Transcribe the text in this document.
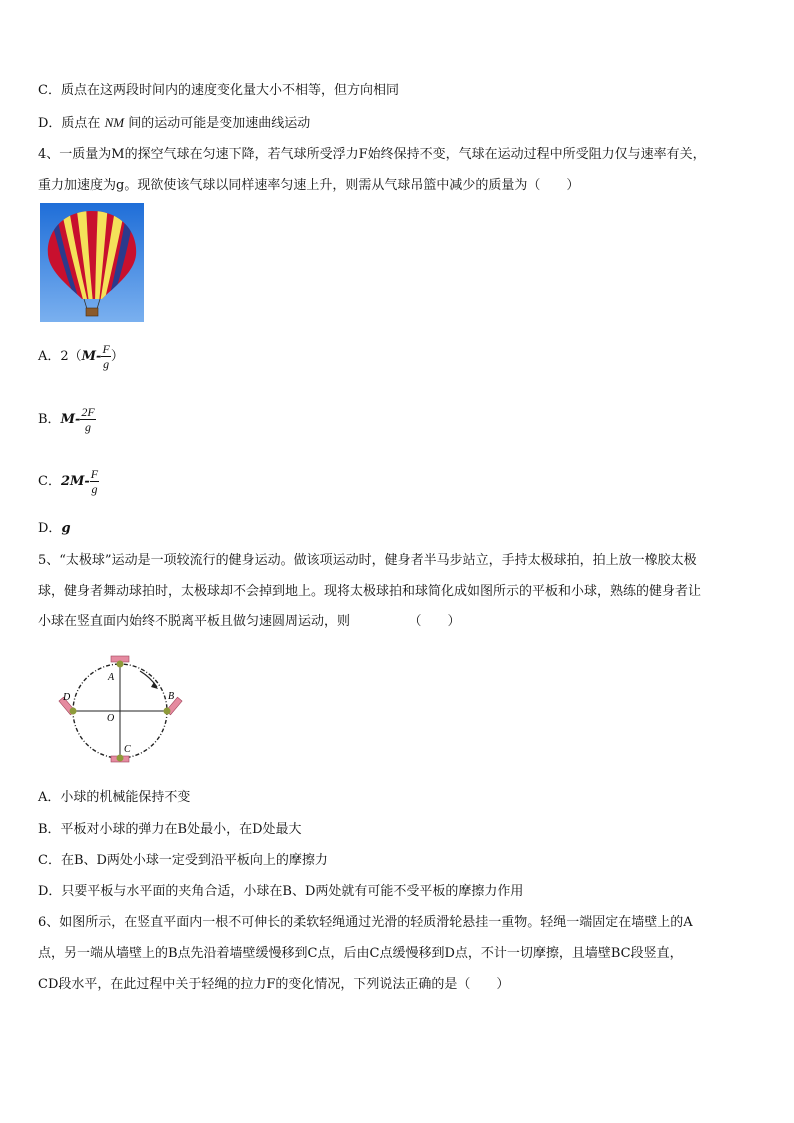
C．质点在这两段时间内的速度变化量大小不相等，但方向相同
D．质点在 NM 间的运动可能是变加速曲线运动
4、一质量为M的探空气球在匀速下降，若气球所受浮力F始终保持不变，气球在运动过程中所受阻力仅与速率有关，
重力加速度为g。现欲使该气球以同样速率匀速上升，则需从气球吊篮中减少的质量为（　　）
A．$2(M- \frac{F}{g}$ ）
B．$M- \frac{2F}{g}$
C．$2M- \frac{F}{g}$
D．g
5、“太极球”运动是一项较流行的健身运动。做该项运动时，健身者半马步站立，手持太极球拍，拍上放一橡胶太极
球，健身者舞动球拍时，太极球却不会掉到地上。现将太极球拍和球简化成如图所示的平板和小球，熟练的健身者让
小球在竖直面内始终不脱离平板且做匀速圆周运动，则　　　　　（　　）
A
B
C
D
O
A．小球的机械能保持不变
B．平板对小球的弹力在B处最小，在D处最大
C．在B、D两处小球一定受到沿平板向上的摩擦力
D．只要平板与水平面的夹角合适，小球在B、D两处就有可能不受平板的摩擦力作用
6、如图所示，在竖直平面内一根不可伸长的柔软轻绳通过光滑的轻质滑轮悬挂一重物。轻绳一端固定在墙壁上的A
点，另一端从墙壁上的B点先沿着墙壁缓慢移到C点，后由C点缓慢移到D点，不计一切摩擦，且墙壁BC段竖直，
CD段水平，在此过程中关于轻绳的拉力F的变化情况，下列说法正确的是（　　）
